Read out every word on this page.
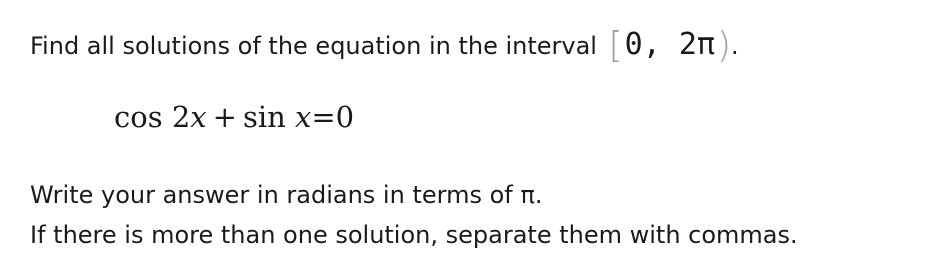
Find all solutions of the equation in the interval [0, 2π).
cos 2x + sin x=0
Write your answer in radians in terms of π.
If there is more than one solution, separate them with commas.
